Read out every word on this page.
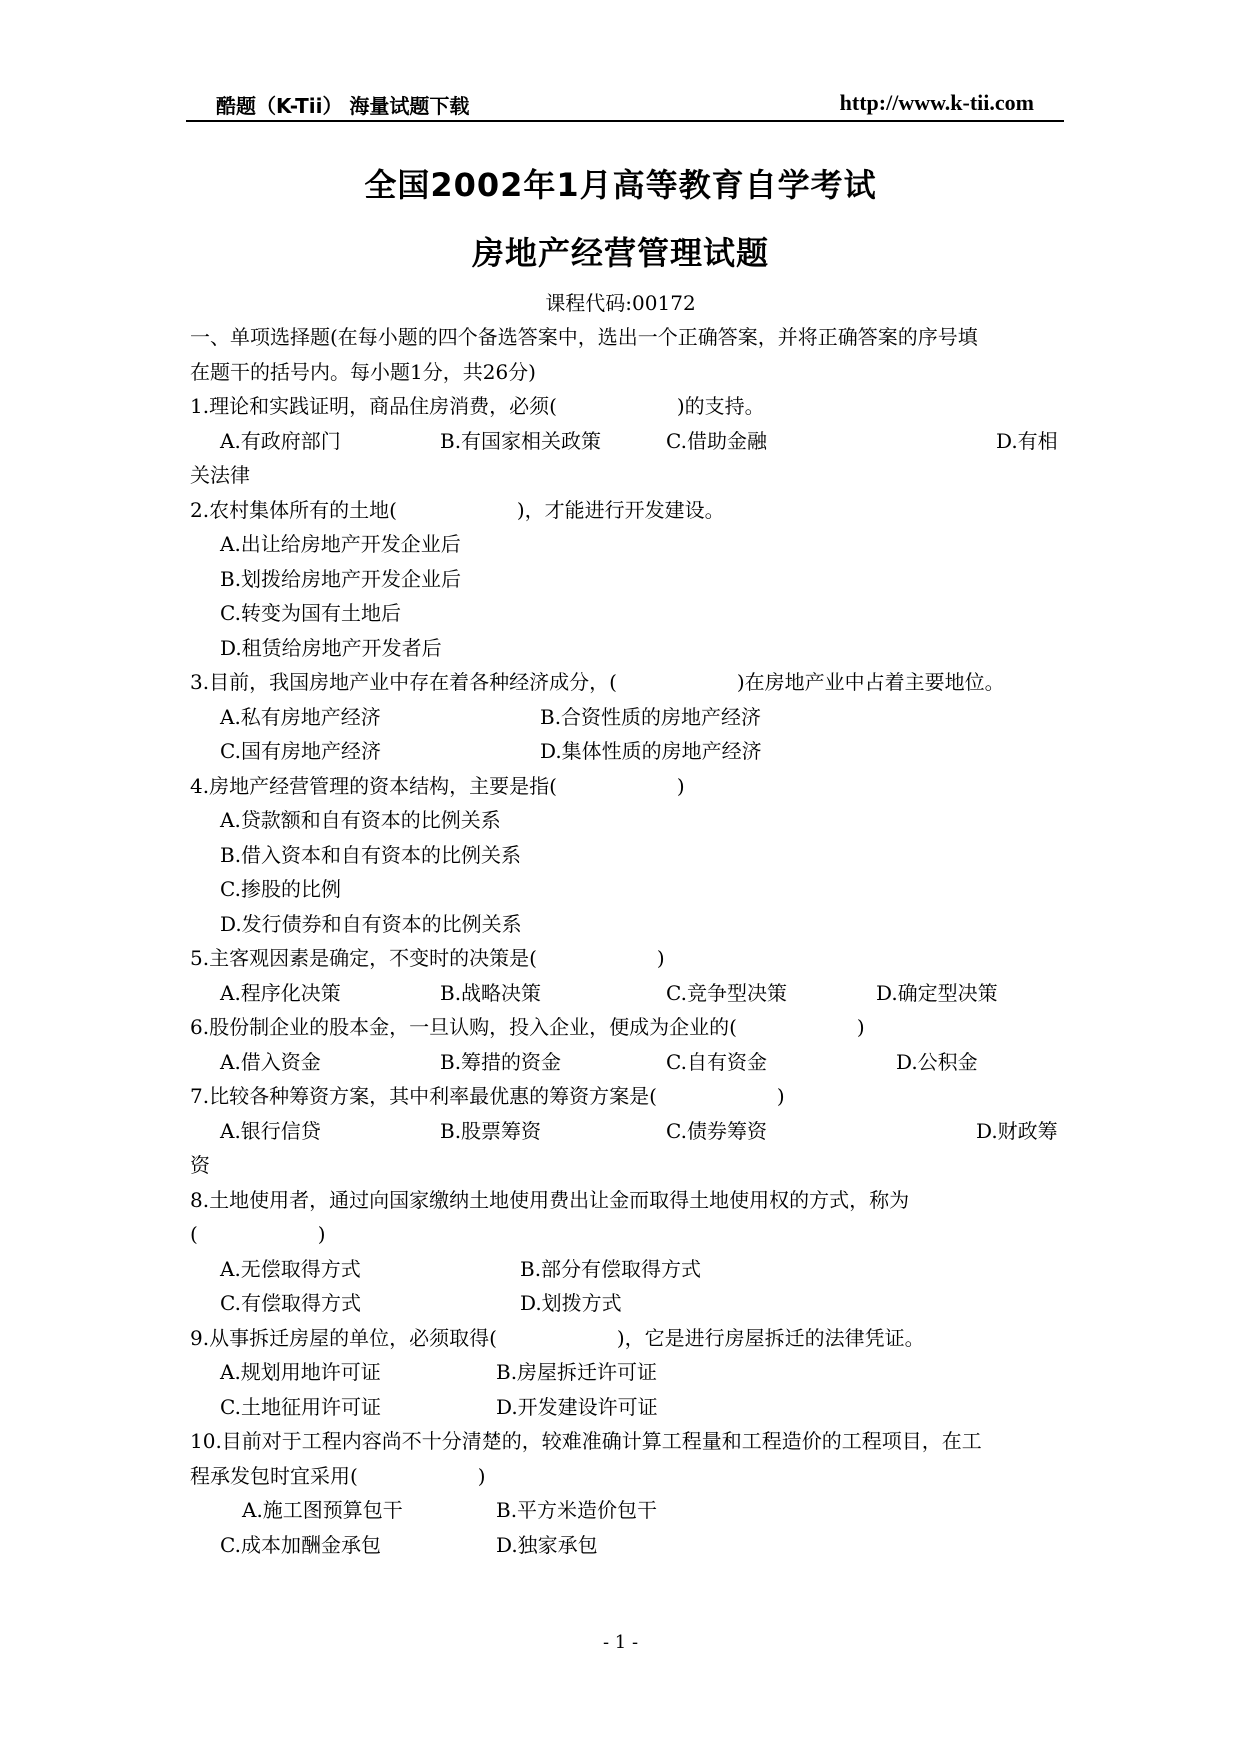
酷题（K-Tii） 海量试题下载	http://www.k-tii.com
全国2002年1月高等教育自学考试
房地产经营管理试题
课程代码:00172
一、单项选择题(在每小题的四个备选答案中，选出一个正确答案，并将正确答案的序号填
在题干的括号内。每小题1分，共26分)
1.理论和实践证明，商品住房消费，必须(　　　　　　)的支持。
A.有政府部门	B.有国家相关政策	C.借助金融	D.有相
关法律
2.农村集体所有的土地(　　　　　　)，才能进行开发建设。
A.出让给房地产开发企业后
B.划拨给房地产开发企业后
C.转变为国有土地后
D.租赁给房地产开发者后
3.目前，我国房地产业中存在着各种经济成分，(　　　　　　)在房地产业中占着主要地位。
A.私有房地产经济	B.合资性质的房地产经济
C.国有房地产经济	D.集体性质的房地产经济
4.房地产经营管理的资本结构，主要是指(　　　　　　)
A.贷款额和自有资本的比例关系
B.借入资本和自有资本的比例关系
C.掺股的比例
D.发行债券和自有资本的比例关系
5.主客观因素是确定，不变时的决策是(　　　　　　)
A.程序化决策	B.战略决策	C.竞争型决策	D.确定型决策
6.股份制企业的股本金，一旦认购，投入企业，便成为企业的(　　　　　　)
A.借入资金	B.筹措的资金	C.自有资金	D.公积金
7.比较各种筹资方案，其中利率最优惠的筹资方案是(　　　　　　)
A.银行信贷	B.股票筹资	C.债券筹资	D.财政筹
资
8.土地使用者，通过向国家缴纳土地使用费出让金而取得土地使用权的方式，称为
(　　　　　　)
A.无偿取得方式	B.部分有偿取得方式
C.有偿取得方式	D.划拨方式
9.从事拆迁房屋的单位，必须取得(　　　　　　)，它是进行房屋拆迁的法律凭证。
A.规划用地许可证	B.房屋拆迁许可证
C.土地征用许可证	D.开发建设许可证
10.目前对于工程内容尚不十分清楚的，较难准确计算工程量和工程造价的工程项目，在工
程承发包时宜采用(　　　　　　)
A.施工图预算包干	B.平方米造价包干
C.成本加酬金承包	D.独家承包
- 1 -
